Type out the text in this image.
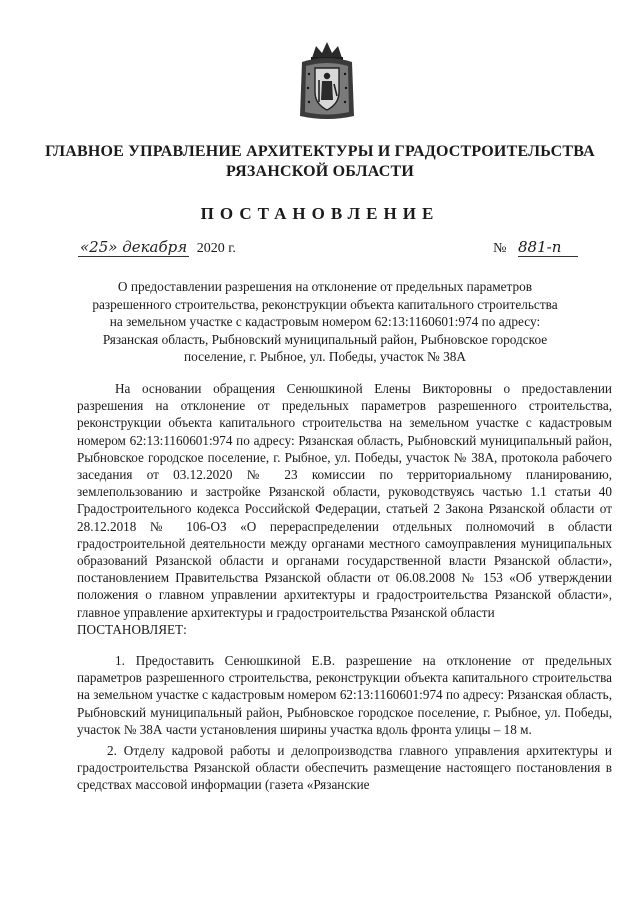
ГЛАВНОЕ УПРАВЛЕНИЕ АРХИТЕКТУРЫ И ГРАДОСТРОИТЕЛЬСТВА
РЯЗАНСКОЙ ОБЛАСТИ
ПОСТАНОВЛЕНИЕ
«25» декабря 2020 г.	№ 881-п
О предоставлении разрешения на отклонение от предельных параметров
разрешенного строительства, реконструкции объекта капитального строительства
на земельном участке с кадастровым номером 62:13:1160601:974 по адресу:
Рязанская область, Рыбновский муниципальный район, Рыбновское городское
поселение, г. Рыбное, ул. Победы, участок № 38А

На основании обращения Сенюшкиной Елены Викторовны о предоставлении разрешения на отклонение от предельных параметров разрешенного строительства, реконструкции объекта капитального строительства на земельном участке с кадастровым номером 62:13:1160601:974 по адресу: Рязанская область, Рыбновский муниципальный район, Рыбновское городское поселение, г. Рыбное, ул. Победы, участок № 38А, протокола рабочего заседания от 03.12.2020 № 23 комиссии по территориальному планированию, землепользованию и застройке Рязанской области, руководствуясь частью 1.1 статьи 40 Градостроительного кодекса Российской Федерации, статьей 2 Закона Рязанской области от 28.12.2018 № 106-ОЗ «О перераспределении отдельных полномочий в области градостроительной деятельности между органами местного самоуправления муниципальных образований Рязанской области и органами государственной власти Рязанской области», постановлением Правительства Рязанской области от 06.08.2008 № 153 «Об утверждении положения о главном управлении архитектуры и градостроительства Рязанской области», главное управление архитектуры и градостроительства Рязанской области

ПОСТАНОВЛЯЕТ:

1. Предоставить Сенюшкиной Е.В. разрешение на отклонение от предельных параметров разрешенного строительства, реконструкции объекта капитального строительства на земельном участке с кадастровым номером 62:13:1160601:974 по адресу: Рязанская область, Рыбновский муниципальный район, Рыбновское городское поселение, г. Рыбное, ул. Победы, участок № 38А части установления ширины участка вдоль фронта улицы – 18 м.

2. Отделу кадровой работы и делопроизводства главного управления архитектуры и градостроительства Рязанской области обеспечить размещение настоящего постановления в средствах массовой информации (газета «Рязанские
